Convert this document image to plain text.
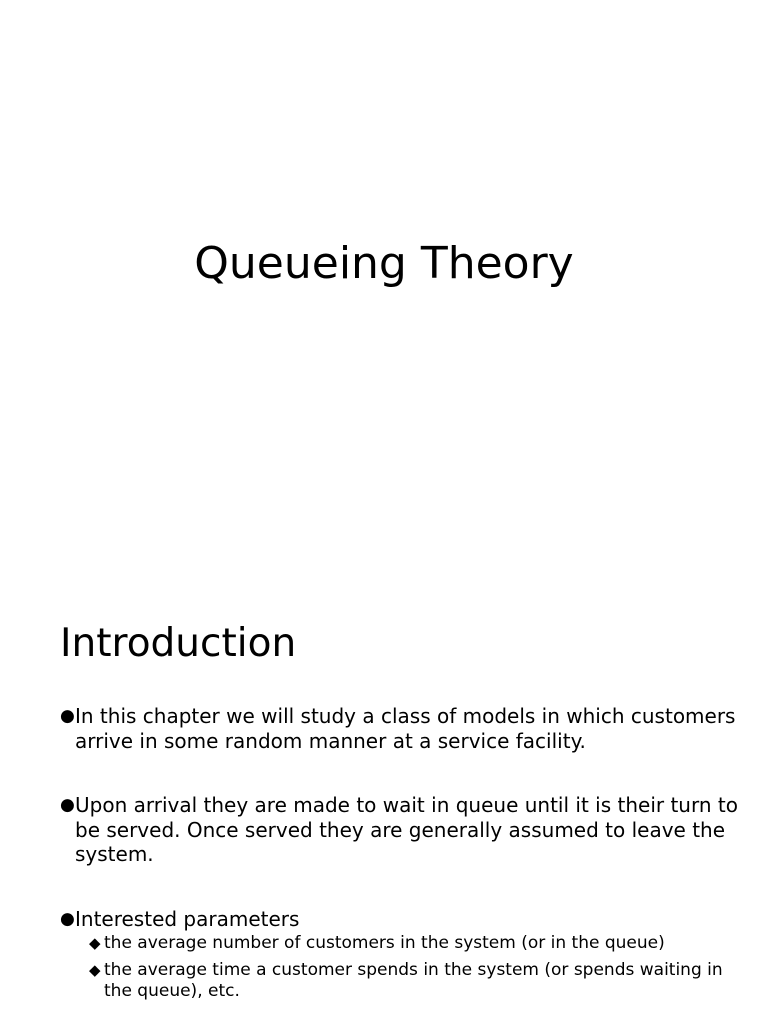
Queueing Theory
Introduction
● In this chapter we will study a class of models in which customers arrive in some random manner at a service facility.
● Upon arrival they are made to wait in queue until it is their turn to be served. Once served they are generally assumed to leave the system.
● Interested parameters
◆ the average number of customers in the system (or in the queue)
◆ the average time a customer spends in the system (or spends waiting in the queue), etc.
